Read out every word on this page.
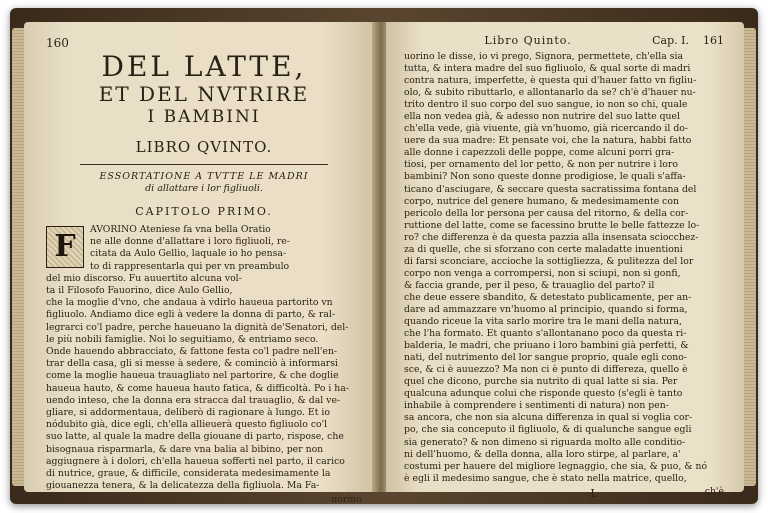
160
DEL LATTE,
ET DEL NVTRIRE
I BAMBINI
LIBRO QVINTO.
ESSORTATIONE A TVTTE LE MADRI
di allattare i lor figliuoli.
CAPITOLO PRIMO.
F	AVORINO Ateniese fa vna bella Oratio
ne alle donne d'allattare i loro figliuoli, re-
citata da Aulo Gellio, laquale io ho pensa-
to di rappresentarla qui per vn preambulo
del mio discorso. Fu auuertito alcuna vol-
ta il Filosofo Fauorino, dice Aulo Gellio,
che la moglie d'vno, che andaua à vdirlo haueua partorito vn
figliuolo. Andiamo dice egli à vedere la donna di parto, & ral-
legrarci co'l padre, perche haueuano la dignità de'Senatori, del-
le più nobili famiglie. Noi lo seguitiamo, & entriamo seco.
Onde hauendo abbracciato, & fattone festa co'l padre nell'en-
trar della casa, gli si messe à sedere, & cominciò à informarsi
come la moglie haueua trauagliato nel partorire, & che doglie
haueua hauto, & come haueua hauto fatica, & difficoltà. Po i ha-
uendo inteso, che la donna era stracca dal trauaglio, & dal ve-
gliare, si addormentaua, deliberò di ragionare à lungo. Et io
nódubito già, dice egli, ch'ella allieuerà questo figliuolo co'l
suo latte, al quale la madre della giouane di parto, rispose, che
bisognaua risparmarla, & dare vna balia al bibino, per non
aggiugnere à i dolori, ch'ella haueua sofferti nel parto, il carico
di nutrice, graue, & difficile, considerata medesimamente la
giouanezza tenera, & la delicatezza della figliuola. Ma Fa-
uorino
Libro Quinto.	Cap. I. 161
uorino le disse, io vi prego, Signora, permettete, ch'ella sia
tutta, & intera madre del suo figliuolo, & qual sorte di madri
contra natura, imperfette, è questa qui d'hauer fatto vn figliu-
olo, & subito ributtarlo, e allontanarlo da se? ch'è d'hauer nu-
trito dentro il suo corpo del suo sangue, io non so chi, quale
ella non vedea già, & adesso non nutrire del suo latte quel
ch'ella vede, già viuente, già vn'huomo, già ricercando il do-
uere da sua madre: Et pensate voi, che la natura, habbi fatto
alle donne i capezzoli delle poppe, come alcuni porri gra-
tiosi, per ornamento del lor petto, & non per nutrire i loro
bambini? Non sono queste donne prodigiose, le quali s'affa-
ticano d'asciugare, & seccare questa sacratissima fontana del
corpo, nutrice del genere humano, & medesimamente con
pericolo della lor persona per causa del ritorno, & della cor-
ruttione del latte, come se facessino brutte le belle fattezze lo-
ro? che differenza è da questa pazzia alla insensata sciocchez-
za di quelle, che si sforzano con certe maladatte inuentioni
di farsi sconciare, accioche la sottigliezza, & pulitezza del lor
corpo non venga a corrompersi, non si sciupi, non si gonfi,
& faccia grande, per il peso, & trauaglio del parto? il
che deue essere sbandito, & detestato publicamente, per an-
dare ad ammazzare vn'huomo al principio, quando si forma,
quando riceue la vita sarlo morire tra le mani della natura,
che l'ha formato. Et quanto s'allontanano poco da questa ri-
balderia, le madri, che priuano i loro bambini già perfetti, &
nati, del nutrimento del lor sangue proprio, quale egli cono-
sce, & ci è auuezzo? Ma non ci è punto di differeza, quello è
quel che dicono, purche sia nutrito di qual latte si sia. Per
qualcuna adunque colui che risponde questo (s'egli è tanto
inhabile à comprendere i sentimenti di natura) non pen-
sa ancora, che non sia alcuna differenza in qual si voglia cor-
po, che sia conceputo il figliuolo, & di qualunche sangue egli
sia generato? & non dimeno si riguarda molto alle conditio-
ni dell'huomo, & della donna, alla loro stirpe, al parlare, a'
costumi per hauere del migliore legnaggio, che sia, & puo, & nó
è egli il medesimo sangue, che è stato nella matrice, quello,
L	ch'è
